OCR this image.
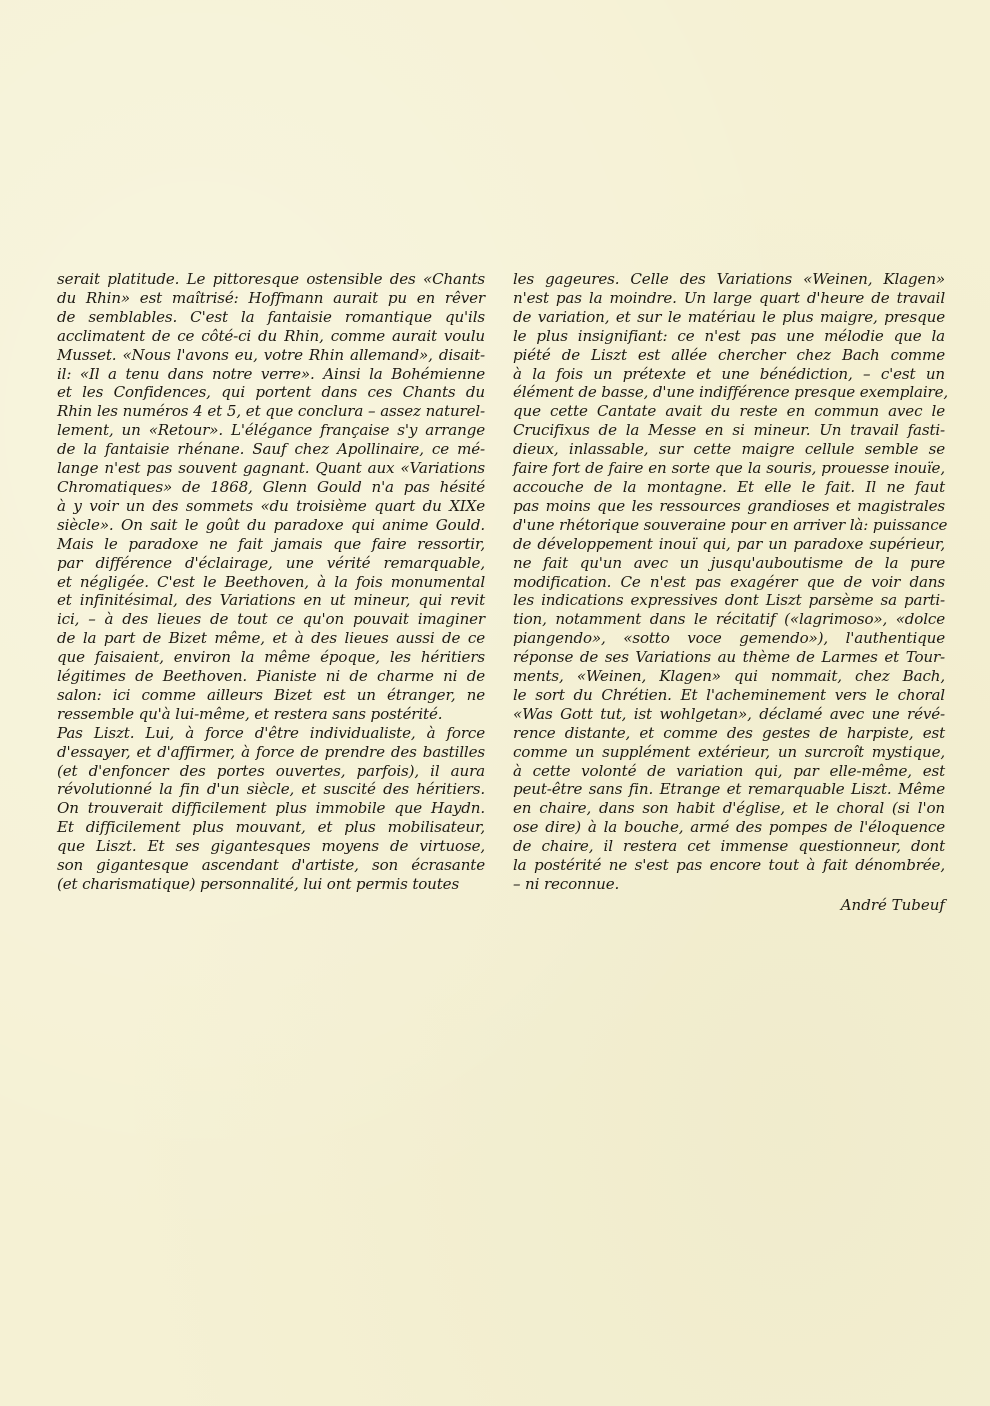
serait platitude. Le pittoresque ostensible des «Chants
du Rhin» est maîtrisé: Hoffmann aurait pu en rêver
de semblables. C'est la fantaisie romantique qu'ils
acclimatent de ce côté-ci du Rhin, comme aurait voulu
Musset. «Nous l'avons eu, votre Rhin allemand», disait-
il: «Il a tenu dans notre verre». Ainsi la Bohémienne
et les Confidences, qui portent dans ces Chants du
Rhin les numéros 4 et 5, et que conclura – assez naturel-
lement, un «Retour». L'élégance française s'y arrange
de la fantaisie rhénane. Sauf chez Apollinaire, ce mé-
lange n'est pas souvent gagnant. Quant aux «Variations
Chromatiques» de 1868, Glenn Gould n'a pas hésité
à y voir un des sommets «du troisième quart du XIXe
siècle». On sait le goût du paradoxe qui anime Gould.
Mais le paradoxe ne fait jamais que faire ressortir,
par différence d'éclairage, une vérité remarquable,
et négligée. C'est le Beethoven, à la fois monumental
et infinitésimal, des Variations en ut mineur, qui revit
ici, – à des lieues de tout ce qu'on pouvait imaginer
de la part de Bizet même, et à des lieues aussi de ce
que faisaient, environ la même époque, les héritiers
légitimes de Beethoven. Pianiste ni de charme ni de
salon: ici comme ailleurs Bizet est un étranger, ne
ressemble qu'à lui-même, et restera sans postérité.
Pas Liszt. Lui, à force d'être individualiste, à force
d'essayer, et d'affirmer, à force de prendre des bastilles
(et d'enfoncer des portes ouvertes, parfois), il aura
révolutionné la fin d'un siècle, et suscité des héritiers.
On trouverait difficilement plus immobile que Haydn.
Et difficilement plus mouvant, et plus mobilisateur,
que Liszt. Et ses gigantesques moyens de virtuose,
son gigantesque ascendant d'artiste, son écrasante
(et charismatique) personnalité, lui ont permis toutes
les gageures. Celle des Variations «Weinen, Klagen»
n'est pas la moindre. Un large quart d'heure de travail
de variation, et sur le matériau le plus maigre, presque
le plus insignifiant: ce n'est pas une mélodie que la
piété de Liszt est allée chercher chez Bach comme
à la fois un prétexte et une bénédiction, – c'est un
élément de basse, d'une indifférence presque exemplaire,
que cette Cantate avait du reste en commun avec le
Crucifixus de la Messe en si mineur. Un travail fasti-
dieux, inlassable, sur cette maigre cellule semble se
faire fort de faire en sorte que la souris, prouesse inouïe,
accouche de la montagne. Et elle le fait. Il ne faut
pas moins que les ressources grandioses et magistrales
d'une rhétorique souveraine pour en arriver là: puissance
de développement inouï qui, par un paradoxe supérieur,
ne fait qu'un avec un jusqu'auboutisme de la pure
modification. Ce n'est pas exagérer que de voir dans
les indications expressives dont Liszt parsème sa parti-
tion, notamment dans le récitatif («lagrimoso», «dolce
piangendo», «sotto voce gemendo»), l'authentique
réponse de ses Variations au thème de Larmes et Tour-
ments, «Weinen, Klagen» qui nommait, chez Bach,
le sort du Chrétien. Et l'acheminement vers le choral
«Was Gott tut, ist wohlgetan», déclamé avec une révé-
rence distante, et comme des gestes de harpiste, est
comme un supplément extérieur, un surcroît mystique,
à cette volonté de variation qui, par elle-même, est
peut-être sans fin. Etrange et remarquable Liszt. Même
en chaire, dans son habit d'église, et le choral (si l'on
ose dire) à la bouche, armé des pompes de l'éloquence
de chaire, il restera cet immense questionneur, dont
la postérité ne s'est pas encore tout à fait dénombrée,
– ni reconnue.
André Tubeuf
